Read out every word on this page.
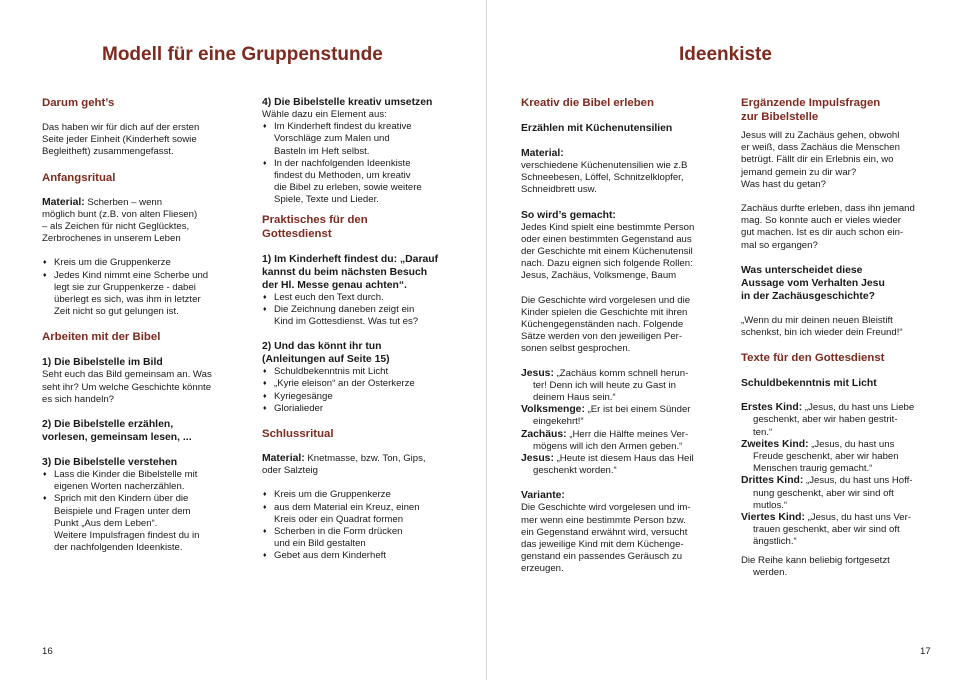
Modell für eine Gruppenstunde

Darum geht’s

Das haben wir für dich auf der ersten

Seite jeder Einheit (Kinderheft sowie

Begleitheft) zusammengefasst.

Anfangsritual

Material: Scherben – wenn

möglich bunt (z.B. von alten Fliesen)

– als Zeichen für nicht Geglücktes,

Zerbrochenes in unserem Leben

♦ Kreis um die Gruppenkerze
♦ Jedes Kind nimmt eine Scherbe und
legt sie zur Gruppenkerze - dabei
überlegt es sich, was ihm in letzter
Zeit nicht so gut gelungen ist.

Arbeiten mit der Bibel

1) Die Bibelstelle im Bild

Seht euch das Bild gemeinsam an. Was

seht ihr? Um welche Geschichte könnte

es sich handeln?

2) Die Bibelstelle erzählen,

vorlesen, gemeinsam lesen, ...

3) Die Bibelstelle verstehen

♦ Lass die Kinder die Bibelstelle mit
eigenen Worten nacherzählen.
♦ Sprich mit den Kindern über die
Beispiele und Fragen unter dem
Punkt „Aus dem Leben“.
Weitere Impulsfragen findest du in
der nachfolgenden Ideenkiste.

4) Die Bibelstelle kreativ umsetzen

Wähle dazu ein Element aus:

♦ Im Kinderheft findest du kreative
Vorschläge zum Malen und
Basteln im Heft selbst.
♦ In der nachfolgenden Ideenkiste
findest du Methoden, um kreativ
die Bibel zu erleben, sowie weitere
Spiele, Texte und Lieder.

Praktisches für den

Gottesdienst

1) Im Kinderheft findest du: „Darauf

kannst du beim nächsten Besuch

der Hl. Messe genau achten“.

♦ Lest euch den Text durch.
♦ Die Zeichnung daneben zeigt ein
Kind im Gottesdienst. Was tut es?

2) Und das könnt ihr tun

(Anleitungen auf Seite 15)

♦ Schuldbekenntnis mit Licht
♦ „Kyrie eleison“ an der Osterkerze
♦ Kyriegesänge
♦ Glorialieder

Schlussritual

Material: Knetmasse, bzw. Ton, Gips,

oder Salzteig

♦ Kreis um die Gruppenkerze
♦ aus dem Material ein Kreuz, einen
Kreis oder ein Quadrat formen
♦ Scherben in die Form drücken
und ein Bild gestalten
♦ Gebet aus dem Kinderheft
16
Ideenkiste

Kreativ die Bibel erleben

Erzählen mit Küchenutensilien

Material:

verschiedene Küchenutensilien wie z.B

Schneebesen, Löffel, Schnitzelklopfer,

Schneidbrett usw.

So wird’s gemacht:

Jedes Kind spielt eine bestimmte Person

oder einen bestimmten Gegenstand aus

der Geschichte mit einem Küchenutensil

nach. Dazu eignen sich folgende Rollen:

Jesus, Zachäus, Volksmenge, Baum

Die Geschichte wird vorgelesen und die

Kinder spielen die Geschichte mit ihren

Küchengegenständen nach. Folgende

Sätze werden von den jeweiligen Per-

sonen selbst gesprochen.

Jesus: „Zachäus komm schnell herun-
ter! Denn ich will heute zu Gast in
deinem Haus sein.“

Volksmenge: „Er ist bei einem Sünder
eingekehrt!“

Zachäus: „Herr die Hälfte meines Ver-
mögens will ich den Armen geben.“

Jesus: „Heute ist diesem Haus das Heil
geschenkt worden.“

Variante:

Die Geschichte wird vorgelesen und im-

mer wenn eine bestimmte Person bzw.

ein Gegenstand erwähnt wird, versucht

das jeweilige Kind mit dem Küchenge-

genstand ein passendes Geräusch zu

erzeugen.

Ergänzende Impulsfragen

zur Bibelstelle

Jesus will zu Zachäus gehen, obwohl

er weiß, dass Zachäus die Menschen

betrügt. Fällt dir ein Erlebnis ein, wo

jemand gemein zu dir war?

Was hast du getan?

Zachäus durfte erleben, dass ihn jemand

mag. So konnte auch er vieles wieder

gut machen. Ist es dir auch schon ein-

mal so ergangen?

Was unterscheidet diese

Aussage vom Verhalten Jesu

in der Zachäusgeschichte?

„Wenn du mir deinen neuen Bleistift

schenkst, bin ich wieder dein Freund!“

Texte für den Gottesdienst

Schuldbekenntnis mit Licht

Erstes Kind: „Jesus, du hast uns Liebe
geschenkt, aber wir haben gestrit-
ten.“

Zweites Kind: „Jesus, du hast uns
Freude geschenkt, aber wir haben
Menschen traurig gemacht.“

Drittes Kind: „Jesus, du hast uns Hoff-
nung geschenkt, aber wir sind oft
mutlos.“

Viertes Kind: „Jesus, du hast uns Ver-
trauen geschenkt, aber wir sind oft
ängstlich.“

Die Reihe kann beliebig fortgesetzt
werden.

17
